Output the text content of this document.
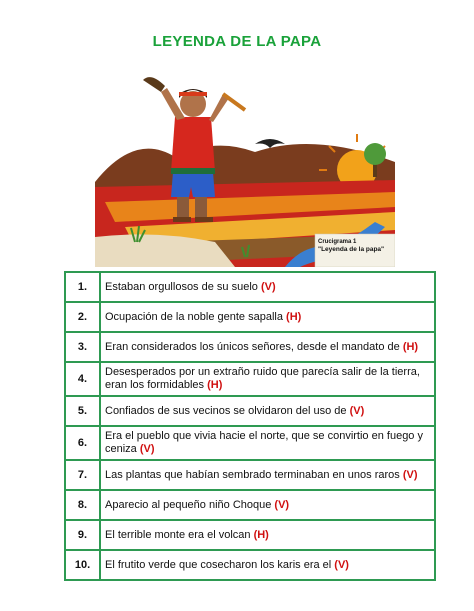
LEYENDA DE LA PAPA
Crucigrama 1
"Leyenda de la papa"
1.	Estaban orgullosos de su suelo (V)
2.	Ocupación de la noble gente sapalla (H)
3.	Eran considerados los únicos señores, desde el mandato de (H)
4.	Desesperados por un extraño ruido que parecía salir de la tierra, eran los formidables (H)
5.	Confiados de sus vecinos se olvidaron del uso de (V)
6.	Era el pueblo que vivia hacie el norte, que se convirtio en fuego y ceniza (V)
7.	Las plantas que habían sembrado terminaban en unos raros (V)
8.	Aparecio al pequeño niño Choque (V)
9.	El terrible monte era el volcan (H)
10.	El frutito verde que cosecharon los karis era el (V)
